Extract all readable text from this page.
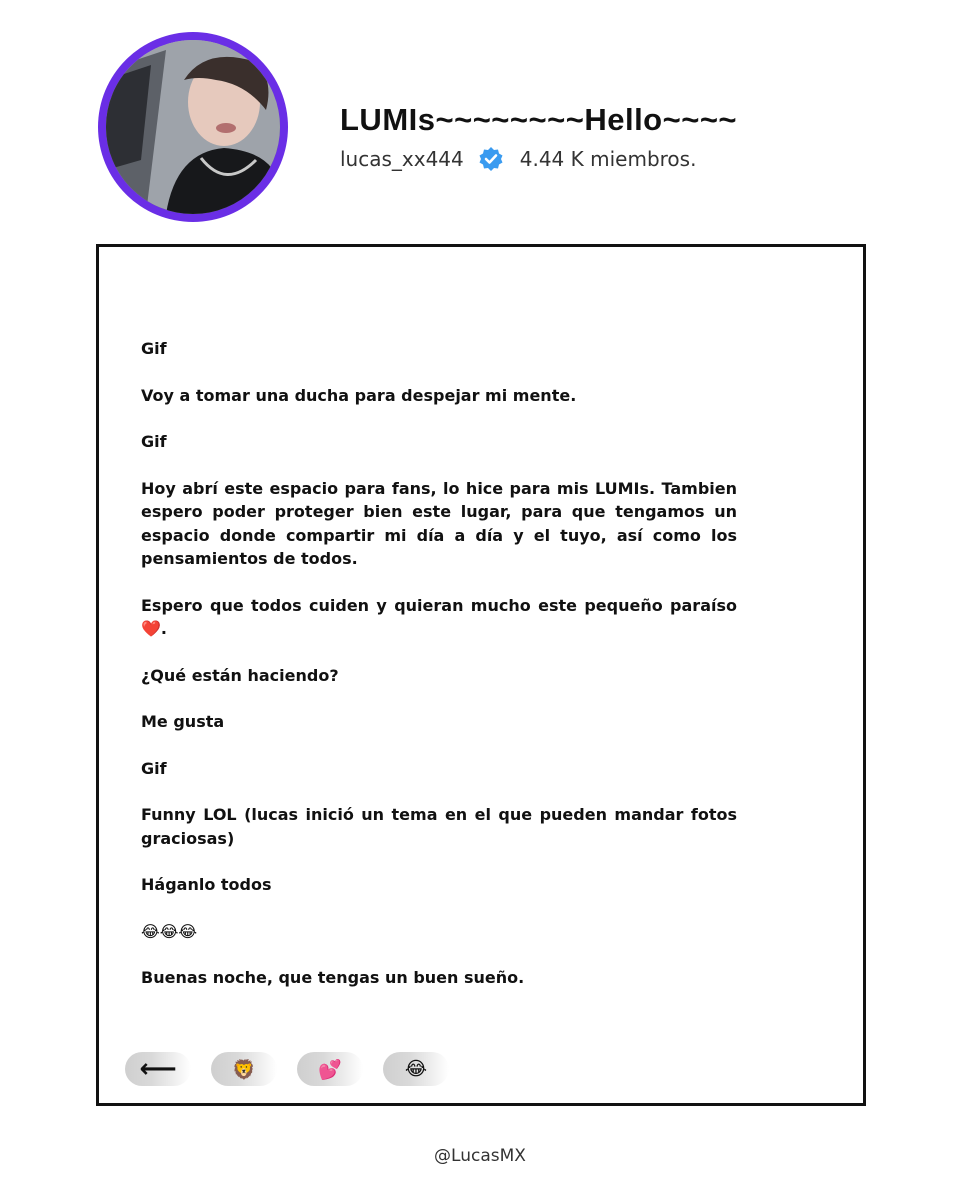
LUMIs~~~~~~~~Hello~~~~
lucas_xx444	4.44 K miembros.

Gif

Voy a tomar una ducha para despejar mi mente.

Gif

Hoy abrí este espacio para fans, lo hice para mis LUMIs. Tambien espero poder proteger bien este lugar, para que tengamos un espacio donde compartir mi día a día y el tuyo, así como los pensamientos de todos.

Espero que todos cuiden y quieran mucho este pequeño paraíso ❤️.

¿Qué están haciendo?

Me gusta

Gif

Funny LOL (lucas inició un tema en el que pueden mandar fotos graciosas)

Háganlo todos

😂😂😂

Buenas noche, que tengas un buen sueño.

⟵	🦁	💕	😂
@LucasMX
